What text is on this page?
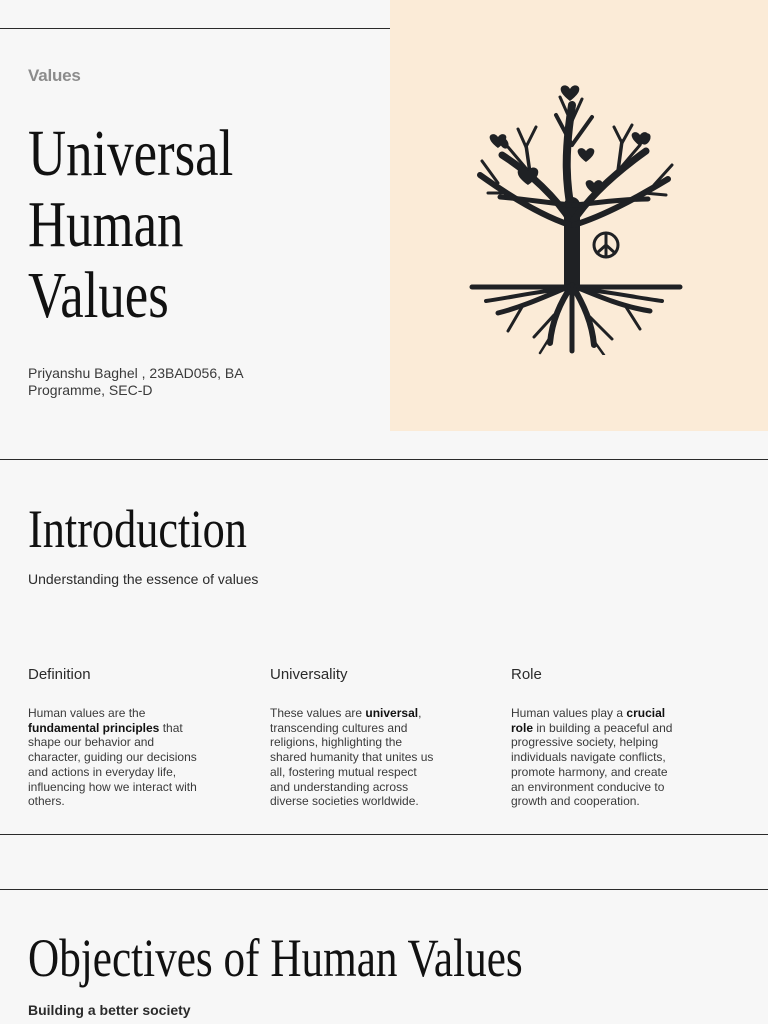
Values
Universal
Human
Values
Priyanshu Baghel , 23BAD056, BA Programme, SEC-D
Introduction
Understanding the essence of values
Definition
Human values are the fundamental principles that shape our behavior and character, guiding our decisions and actions in everyday life, influencing how we interact with others.
Universality
These values are universal, transcending cultures and religions, highlighting the shared humanity that unites us all, fostering mutual respect and understanding across diverse societies worldwide.
Role
Human values play a crucial role in building a peaceful and progressive society, helping individuals navigate conflicts, promote harmony, and create an environment conducive to growth and cooperation.
Objectives of Human Values
Building a better society
